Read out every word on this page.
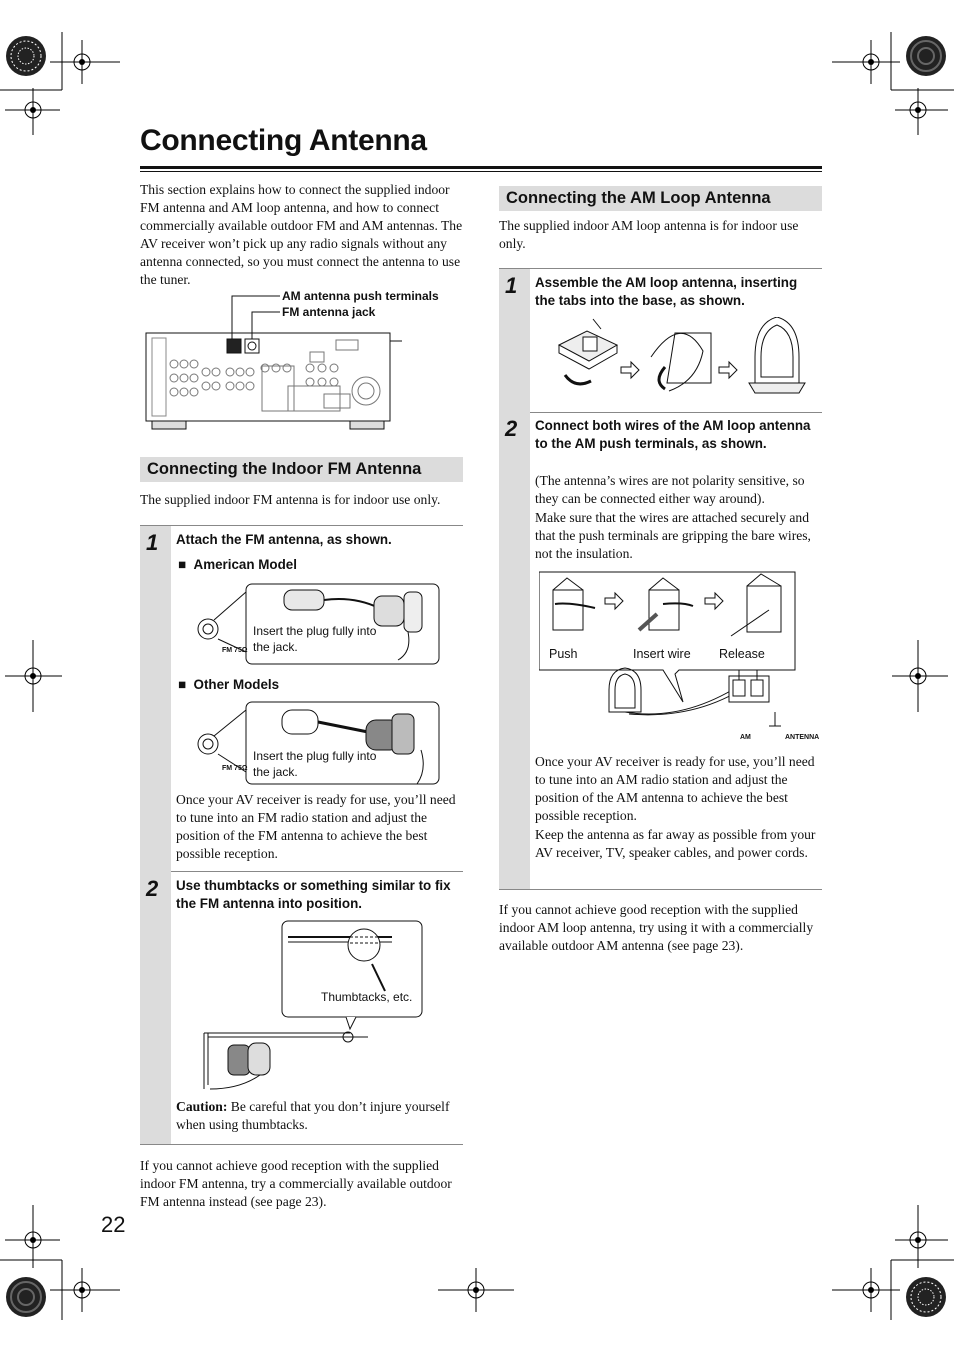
Connecting Antenna
This section explains how to connect the supplied indoor FM antenna and AM loop antenna, and how to connect commercially available outdoor FM and AM antennas. The AV receiver won’t pick up any radio signals without any antenna connected, so you must connect the antenna to use the tuner.
AM antenna push terminals
FM antenna jack
Connecting the Indoor FM Antenna
The supplied indoor FM antenna is for indoor use only.
1 Attach the FM antenna, as shown.
■  American Model
Insert the plug fully into the jack.
FM 75Ω
■  Other Models
Insert the plug fully into the jack.
FM 75Ω
Once your AV receiver is ready for use, you’ll need to tune into an FM radio station and adjust the position of the FM antenna to achieve the best possible reception.
2 Use thumbtacks or something similar to fix the FM antenna into position.
Thumbtacks, etc.
Caution: Be careful that you don’t injure yourself when using thumbtacks.
If you cannot achieve good reception with the supplied indoor FM antenna, try a commercially available outdoor FM antenna instead (see page 23).
Connecting the AM Loop Antenna
The supplied indoor AM loop antenna is for indoor use only.
1 Assemble the AM loop antenna, inserting the tabs into the base, as shown.
2 Connect both wires of the AM loop antenna to the AM push terminals, as shown.
(The antenna’s wires are not polarity sensitive, so they can be connected either way around).
Make sure that the wires are attached securely and that the push terminals are gripping the bare wires, not the insulation.
Push	Insert wire Release
AM	ANTENNA
Once your AV receiver is ready for use, you’ll need to tune into an AM radio station and adjust the position of the AM antenna to achieve the best possible reception.
Keep the antenna as far away as possible from your AV receiver, TV, speaker cables, and power cords.
If you cannot achieve good reception with the supplied indoor AM loop antenna, try using it with a commercially available outdoor AM antenna (see page 23).
22
